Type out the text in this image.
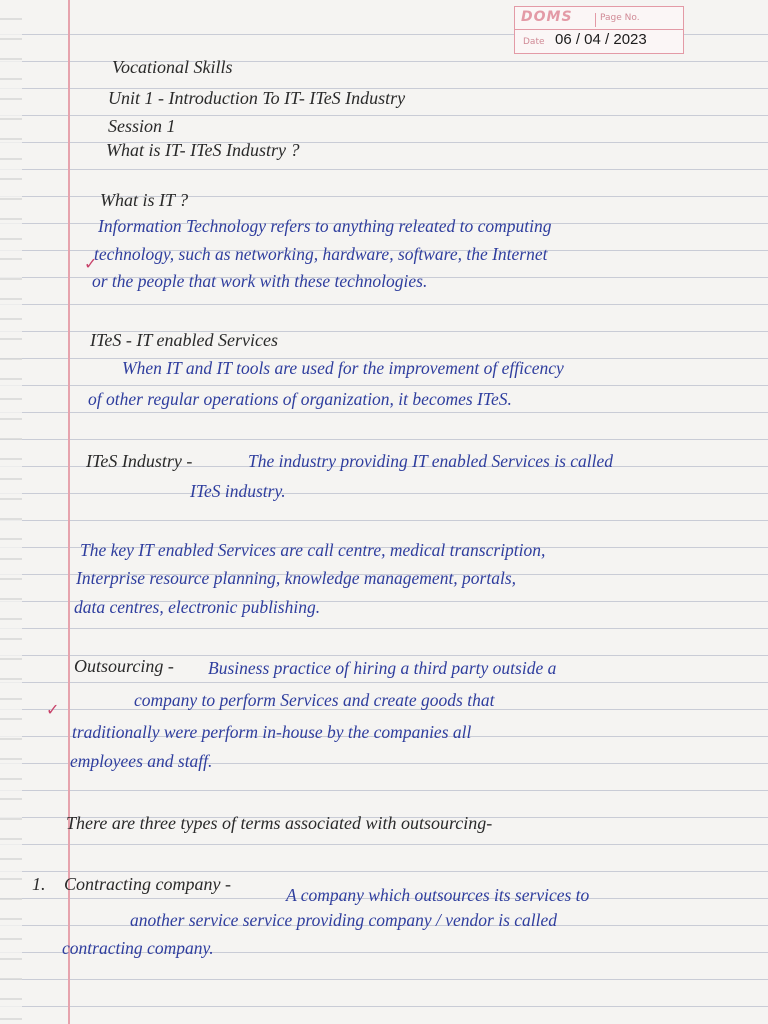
DOMS	Page No.
Date 06 / 04 / 2023
Vocational Skills
Unit 1 - Introduction To IT- ITeS Industry
Session 1
What is IT- ITeS Industry ?
What is IT ?
Information Technology refers to anything releated to computing
✓
technology, such as networking, hardware, software, the Internet
or the people that work with these technologies.
ITeS - IT enabled Services
When IT and IT tools are used for the improvement of efficency
of other regular operations of organization, it becomes ITeS.
ITeS Industry -	The industry providing IT enabled Services is called
ITeS industry.
The key IT enabled Services are call centre, medical transcription,
Interprise resource planning, knowledge management, portals,
data centres, electronic publishing.
Outsourcing - Business practice of hiring a third party outside a
✓	company to perform Services and create goods that
traditionally were perform in-house by the companies all
employees and staff.
There are three types of terms associated with outsourcing-
1. Contracting company -
A company which outsources its services to
another service service providing company / vendor is called
contracting company.
